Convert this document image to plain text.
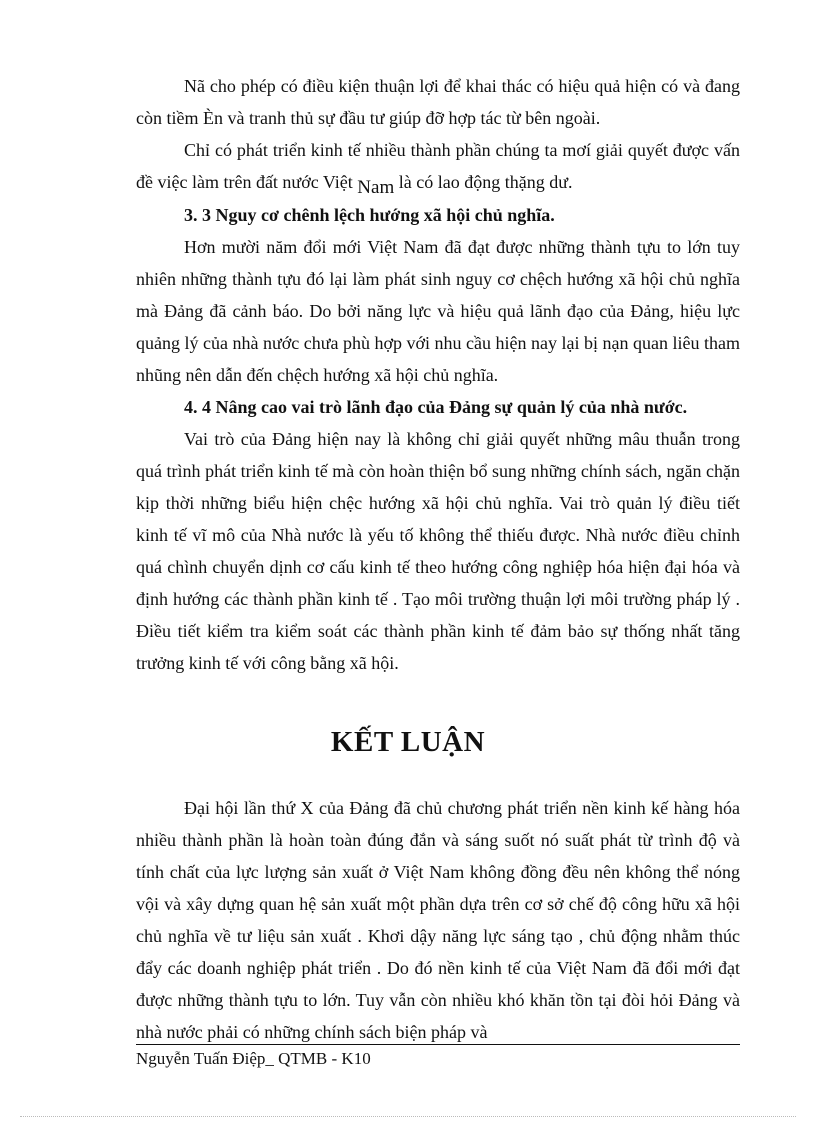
Nã cho phép có điều kiện thuận lợi để khai thác có hiệu quả hiện có và đang còn tiềm Èn và tranh thủ sự đầu tư giúp đỡ hợp tác từ bên ngoài.

Chỉ có phát triển kinh tế nhiều thành phần chúng ta mơí giải quyết được vấn đề việc làm trên đất nước Việt Nam là có lao động thặng dư.

3. 3 Nguy cơ chênh lệch hướng xã hội chủ nghĩa.

Hơn mười năm đổi mới Việt Nam đã đạt được những thành tựu to lớn tuy nhiên những thành tựu đó lại làm phát sinh nguy cơ chệch hướng xã hội chủ nghĩa mà Đảng đã cảnh báo. Do bởi năng lực và hiệu quả lãnh đạo của Đảng, hiệu lực quảng lý của nhà nước chưa phù hợp với nhu cầu hiện nay lại bị nạn quan liêu tham nhũng nên dẫn đến chệch hướng xã hội chủ nghĩa.

4. 4 Nâng cao vai trò lãnh đạo của Đảng sự quản lý của nhà nước.

Vai trò của Đảng hiện nay là không chỉ giải quyết những mâu thuẫn trong quá trình phát triển kinh tế mà còn hoàn thiện bổ sung những chính sách, ngăn chặn kịp thời những biểu hiện chệc hướng xã hội chủ nghĩa. Vai trò quản lý điều tiết kinh tế vĩ mô của Nhà nước là yếu tố không thể thiếu được. Nhà nước điều chỉnh quá chình chuyển dịnh cơ cấu kinh tế theo hướng công nghiệp hóa hiện đại hóa và định hướng các thành phần kinh tế . Tạo môi trường thuận lợi môi trường pháp lý . Điều tiết kiểm tra kiểm soát các thành phần kinh tế đảm bảo sự thống nhất tăng trưởng kinh tế với công bằng xã hội.

KẾT LUẬN

Đại hội lần thứ X của Đảng đã chủ chương phát triển nền kinh kế hàng hóa nhiều thành phần là hoàn toàn đúng đắn và sáng suốt nó suất phát từ trình độ và tính chất của lực lượng sản xuất ở Việt Nam không đồng đều nên không thể nóng vội và xây dựng quan hệ sản xuất một phần dựa trên cơ sở chế độ công hữu xã hội chủ nghĩa về tư liệu sản xuất . Khơi dậy năng lực sáng tạo , chủ động nhằm thúc đẩy các doanh nghiệp phát triển . Do đó nền kinh tế của Việt Nam đã đổi mới đạt được những thành tựu to lớn. Tuy vẫn còn nhiều khó khăn tồn tại đòi hỏi Đảng và nhà nước phải có những chính sách biện pháp và

Nguyễn Tuấn Điệp_ QTMB - K10
